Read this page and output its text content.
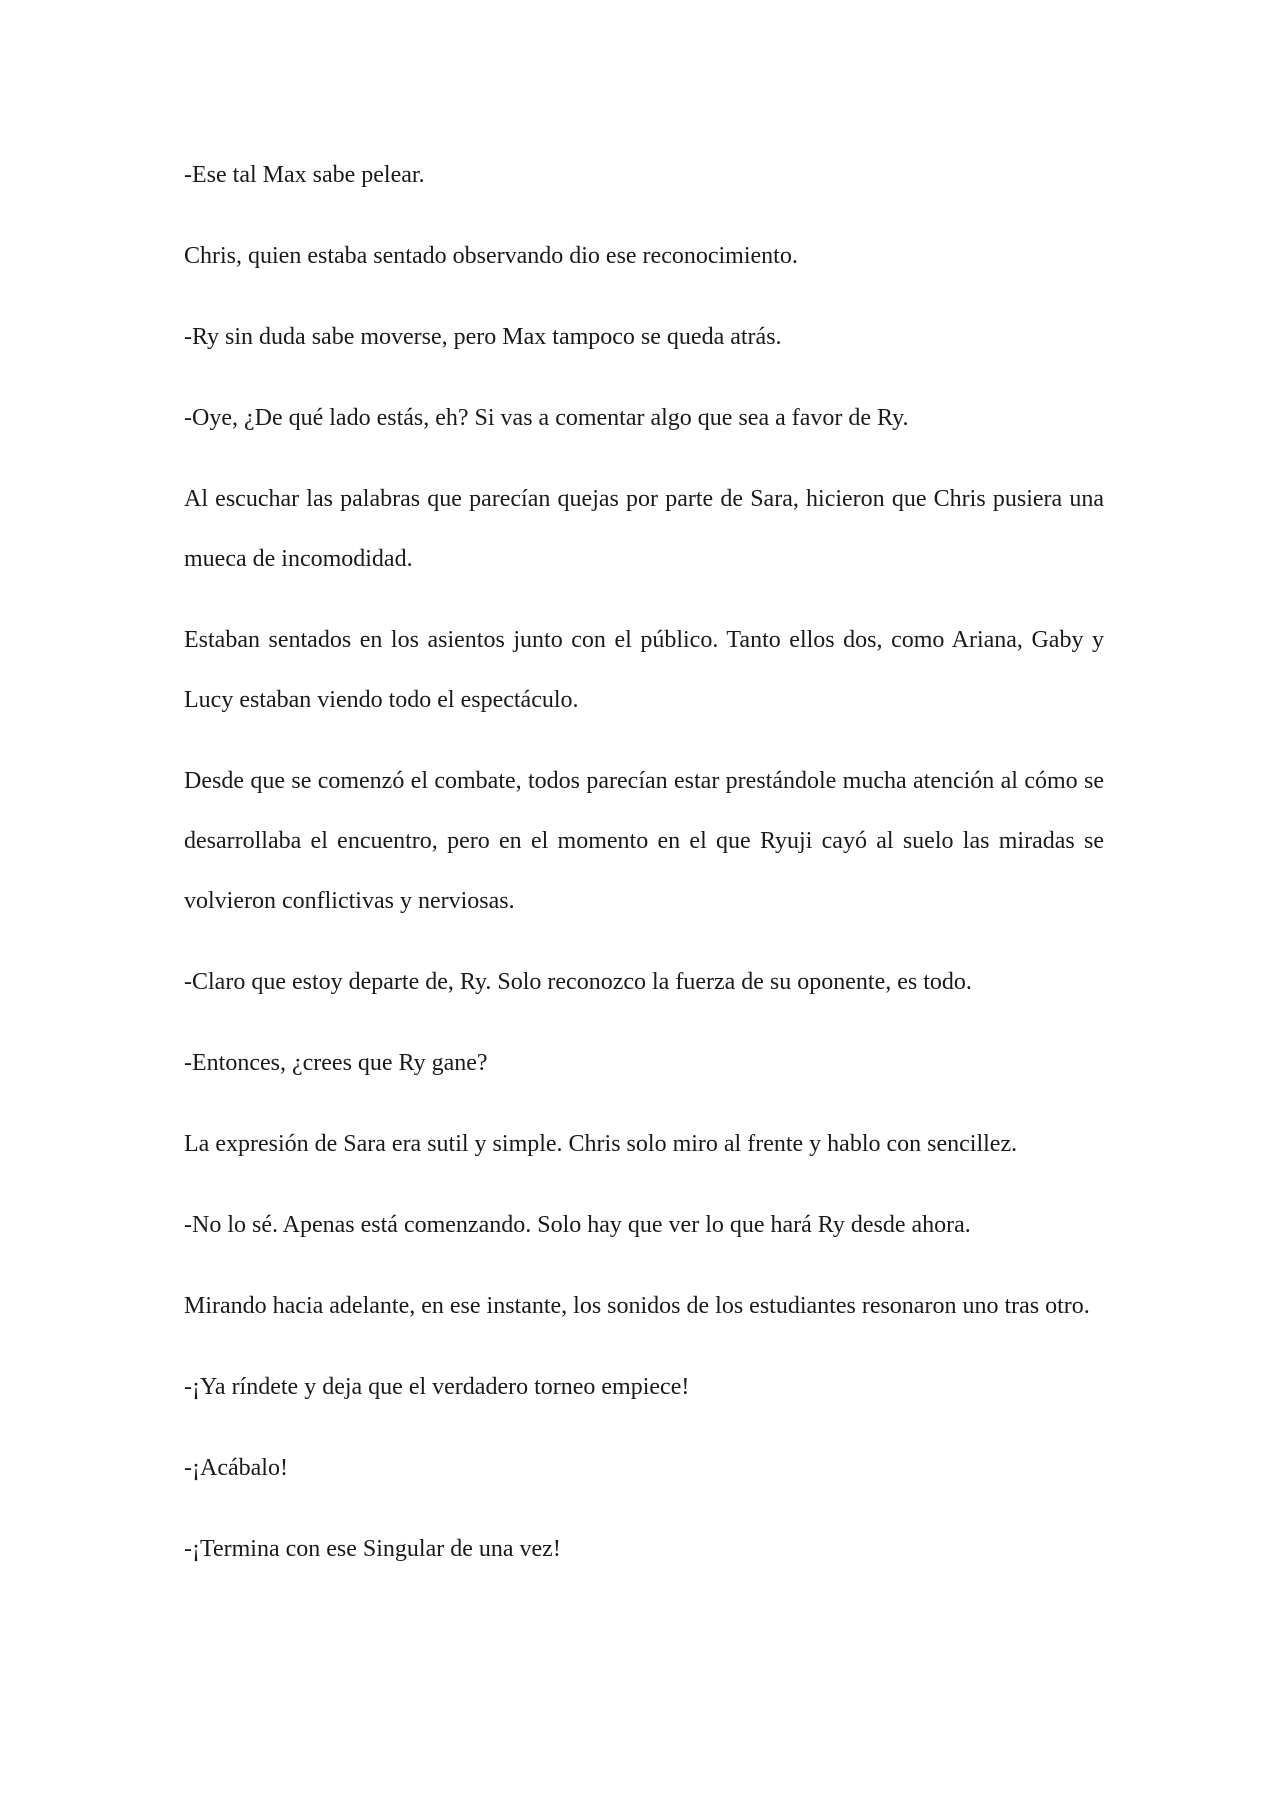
-Ese tal Max sabe pelear.

Chris, quien estaba sentado observando dio ese reconocimiento.

-Ry sin duda sabe moverse, pero Max tampoco se queda atrás.

-Oye, ¿De qué lado estás, eh? Si vas a comentar algo que sea a favor de Ry.

Al escuchar las palabras que parecían quejas por parte de Sara, hicieron que Chris pusiera una mueca de incomodidad.

Estaban sentados en los asientos junto con el público. Tanto ellos dos, como Ariana, Gaby y Lucy estaban viendo todo el espectáculo.

Desde que se comenzó el combate, todos parecían estar prestándole mucha atención al cómo se desarrollaba el encuentro, pero en el momento en el que Ryuji cayó al suelo las miradas se volvieron conflictivas y nerviosas.

-Claro que estoy departe de, Ry. Solo reconozco la fuerza de su oponente, es todo.

-Entonces, ¿crees que Ry gane?

La expresión de Sara era sutil y simple. Chris solo miro al frente y hablo con sencillez.

-No lo sé. Apenas está comenzando. Solo hay que ver lo que hará Ry desde ahora.

Mirando hacia adelante, en ese instante, los sonidos de los estudiantes resonaron uno tras otro.

-¡Ya ríndete y deja que el verdadero torneo empiece!

-¡Acábalo!

-¡Termina con ese Singular de una vez!
